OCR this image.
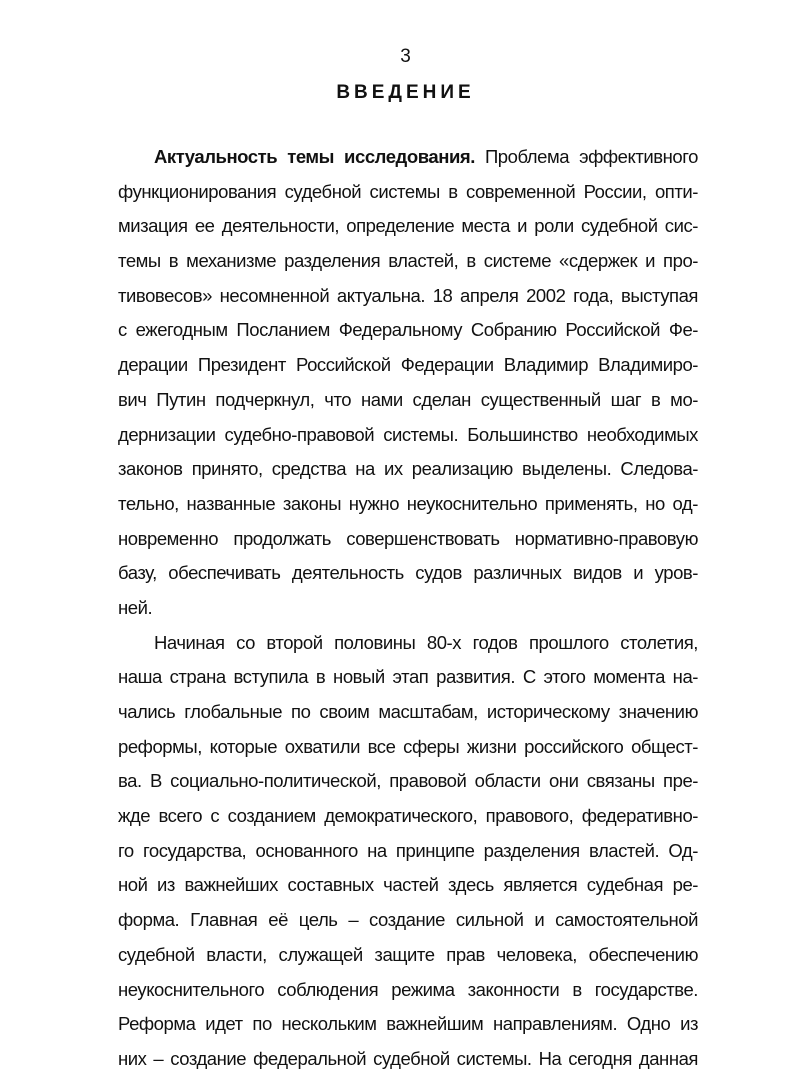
3
ВВЕДЕНИЕ
Актуальность темы исследования. Проблема эффективного
функционирования судебной системы в современной России, опти-
мизация ее деятельности, определение места и роли судебной сис-
темы в механизме разделения властей, в системе «сдержек и про-
тивовесов» несомненной актуальна. 18 апреля 2002 года, выступая
с ежегодным Посланием Федеральному Собранию Российской Фе-
дерации Президент Российской Федерации Владимир Владимиро-
вич Путин подчеркнул, что нами сделан существенный шаг в мо-
дернизации судебно-правовой системы. Большинство необходимых
законов принято, средства на их реализацию выделены. Следова-
тельно, названные законы нужно неукоснительно применять, но од-
новременно продолжать совершенствовать нормативно-правовую
базу, обеспечивать деятельность судов различных видов и уров-
ней.
Начиная со второй половины 80-х годов прошлого столетия,
наша страна вступила в новый этап развития. С этого момента на-
чались глобальные по своим масштабам, историческому значению
реформы, которые охватили все сферы жизни российского общест-
ва. В социально-политической, правовой области они связаны пре-
жде всего с созданием демократического, правового, федеративно-
го государства, основанного на принципе разделения властей. Од-
ной из важнейших составных частей здесь является судебная ре-
форма. Главная её цель – создание сильной и самостоятельной
судебной власти, служащей защите прав человека, обеспечению
неукоснительного соблюдения режима законности в государстве.
Реформа идет по нескольким важнейшим направлениям. Одно из
них – создание федеральной судебной системы. На сегодня данная
